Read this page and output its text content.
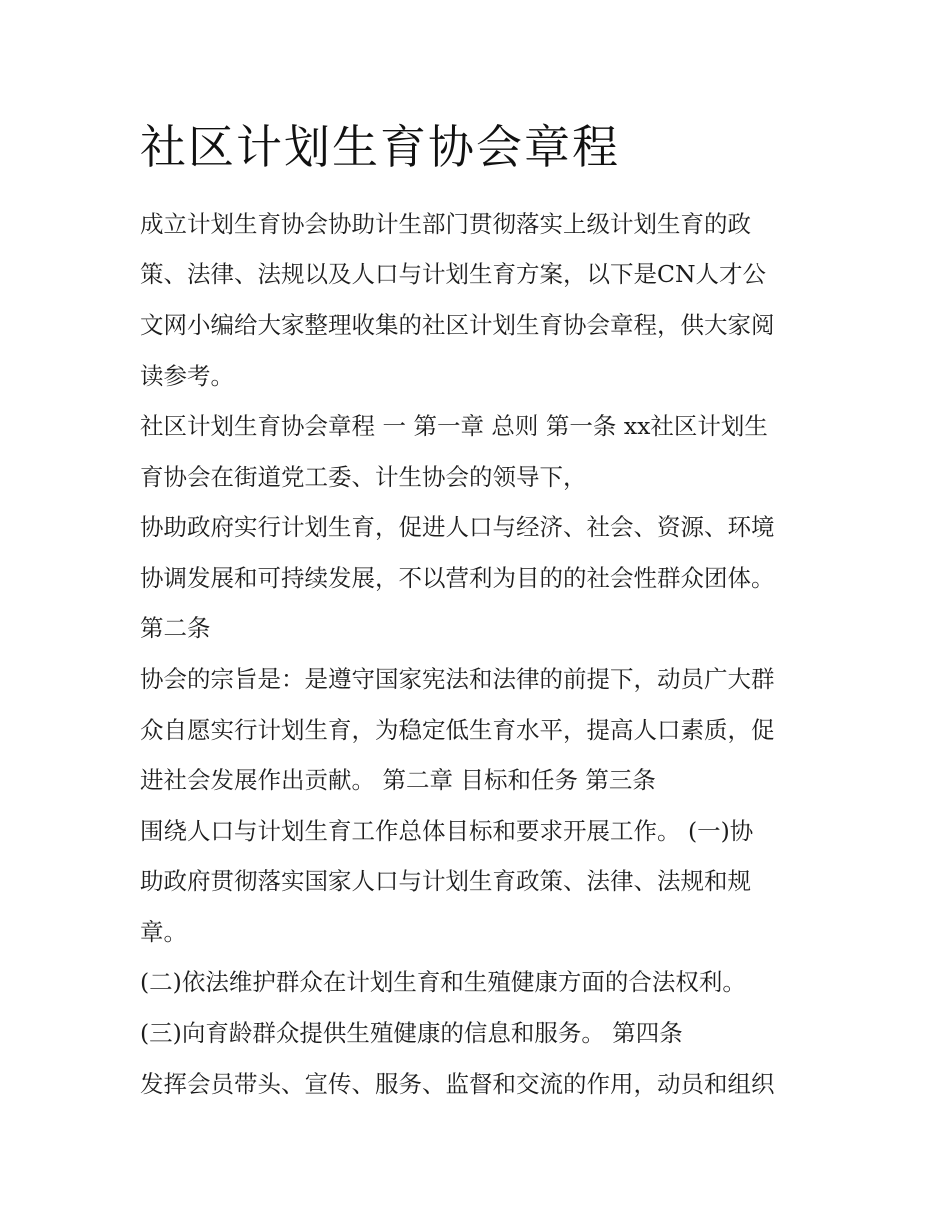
社区计划生育协会章程
成立计划生育协会协助计生部门贯彻落实上级计划生育的政
策、法律、法规以及人口与计划生育方案，以下是CN人才公
文网小编给大家整理收集的社区计划生育协会章程，供大家阅
读参考。
社区计划生育协会章程 一 第一章 总则 第一条 xx社区计划生
育协会在街道党工委、计生协会的领导下，
协助政府实行计划生育，促进人口与经济、社会、资源、环境
协调发展和可持续发展，不以营利为目的的社会性群众团体。
第二条
协会的宗旨是：是遵守国家宪法和法律的前提下，动员广大群
众自愿实行计划生育，为稳定低生育水平，提高人口素质，促
进社会发展作出贡献。 第二章 目标和任务 第三条
围绕人口与计划生育工作总体目标和要求开展工作。 (一)协
助政府贯彻落实国家人口与计划生育政策、法律、法规和规
章。
(二)依法维护群众在计划生育和生殖健康方面的合法权利。
(三)向育龄群众提供生殖健康的信息和服务。 第四条
发挥会员带头、宣传、服务、监督和交流的作用，动员和组织
